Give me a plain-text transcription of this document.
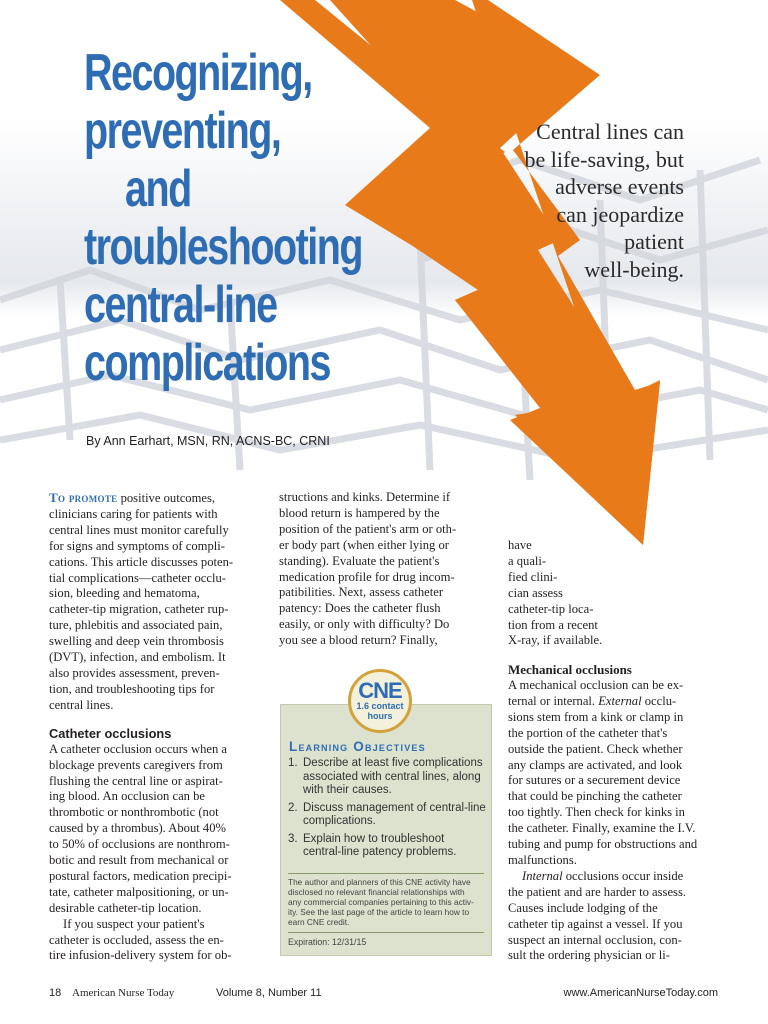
Recognizing,
preventing,
and
troubleshooting
central-line
complications
Central lines can
be life-saving, but
adverse events
can jeopardize
patient
well-being.
By Ann Earhart, MSN, RN, ACNS-BC, CRNI
To promote positive outcomes,
clinicians caring for patients with
central lines must monitor carefully
for signs and symptoms of compli-
cations. This article discusses poten-
tial complications—catheter occlu-
sion, bleeding and hematoma,
catheter-tip migration, catheter rup-
ture, phlebitis and associated pain,
swelling and deep vein thrombosis
(DVT), infection, and embolism. It
also provides assessment, preven-
tion, and troubleshooting tips for
central lines.
Catheter occlusions
A catheter occlusion occurs when a
blockage prevents caregivers from
flushing the central line or aspirat-
ing blood. An occlusion can be
thrombotic or nonthrombotic (not
caused by a thrombus). About 40%
to 50% of occlusions are nonthrom-
botic and result from mechanical or
postural factors, medication precipi-
tate, catheter malpositioning, or un-
desirable catheter-tip location.
If you suspect your patient's
catheter is occluded, assess the en-
tire infusion-delivery system for ob-
structions and kinks. Determine if
blood return is hampered by the
position of the patient's arm or oth-
er body part (when either lying or
standing). Evaluate the patient's
medication profile for drug incom-
patibilities. Next, assess catheter
patency: Does the catheter flush
easily, or only with difficulty? Do
you see a blood return? Finally,
have
a quali-
fied clini-
cian assess
catheter-tip loca-
tion from a recent
X-ray, if available.
Mechanical occlusions
A mechanical occlusion can be ex-
ternal or internal. External occlu-
sions stem from a kink or clamp in
the portion of the catheter that's
outside the patient. Check whether
any clamps are activated, and look
for sutures or a securement device
that could be pinching the catheter
too tightly. Then check for kinks in
the catheter. Finally, examine the I.V.
tubing and pump for obstructions and
malfunctions.
Internal occlusions occur inside
the patient and are harder to assess.
Causes include lodging of the
catheter tip against a vessel. If you
suspect an internal occlusion, con-
sult the ordering physician or li-
Learning Objectives
1. Describe at least five complications
associated with central lines, along
with their causes.
2. Discuss management of central-line
complications.
3. Explain how to troubleshoot
central-line patency problems.
The author and planners of this CNE activity have
disclosed no relevant financial relationships with
any commercial companies pertaining to this activ-
ity. See the last page of the article to learn how to
earn CNE credit.
Expiration: 12/31/15
CNE
1.6 contact
hours
18 American Nurse Today	Volume 8, Number 11	www.AmericanNurseToday.com
